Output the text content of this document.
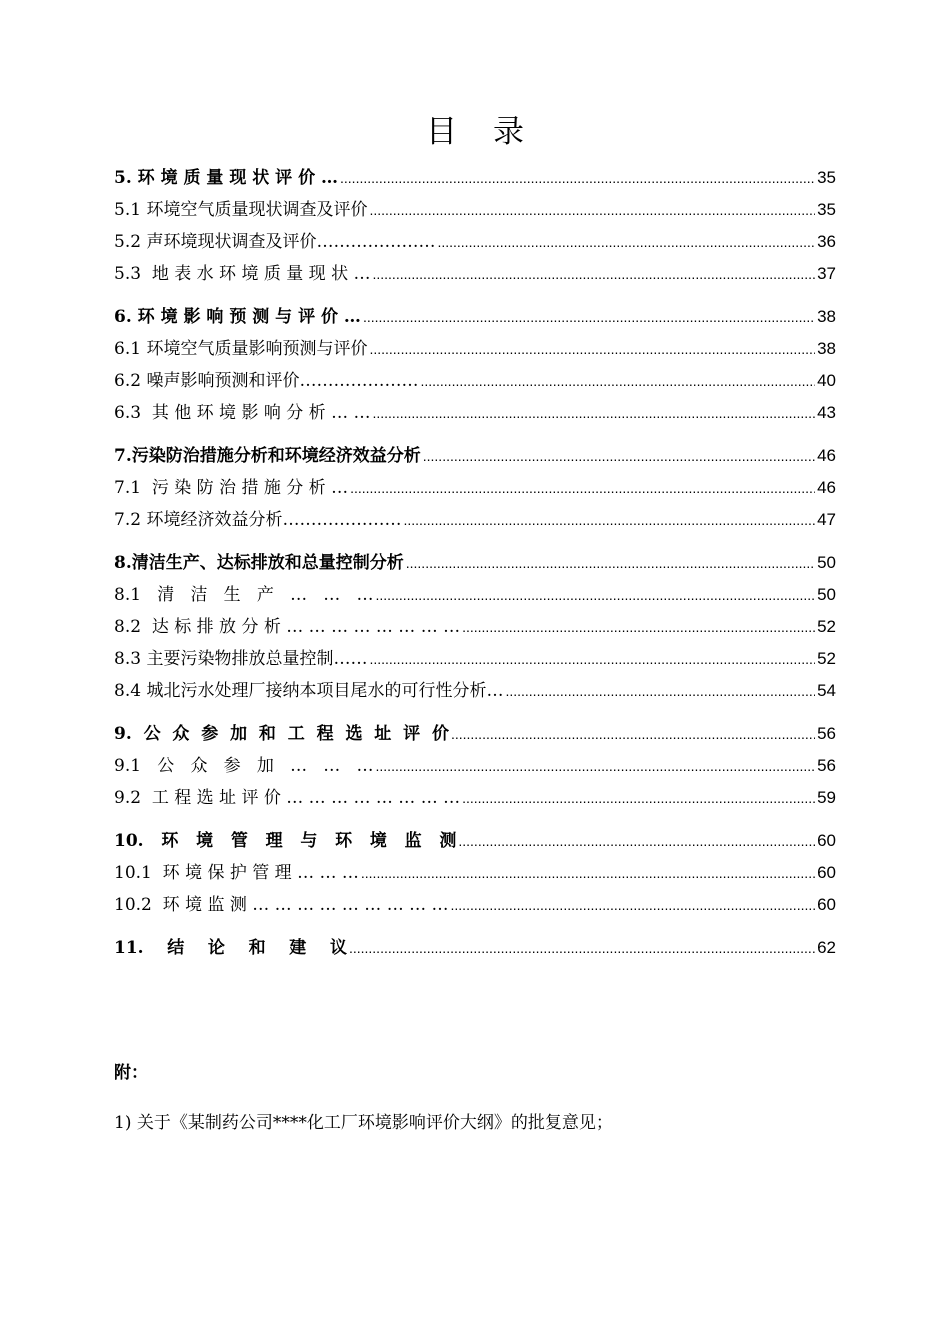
目录
5. 环 境 质 量 现 状 评 价 … .....	35
5.1 环境空气质量现状调查及评价 .....	35
5.2 声环境现状调查及评价………………… .....	36
5.3  地 表 水 环 境 质 量 现 状 … .....	37
6. 环 境 影 响 预 测 与 评 价 … .....	38
6.1 环境空气质量影响预测与评价 .....	38
6.2 噪声影响预测和评价………………… .....	40
6.3  其 他 环 境 影 响 分 析 … … .....	43
7.污染防治措施分析和环境经济效益分析 .....	46
7.1  污 染 防 治 措 施 分 析 … .....	46
7.2 环境经济效益分析………………… .....	47
8.清洁生产、达标排放和总量控制分析 .....	50
8.1   清   洁   生   产   …   …   … .....	50
8.2  达 标 排 放 分 析 … … … … … … … … .....	52
8.3 主要污染物排放总量控制…… .....	52
8.4 城北污水处理厂接纳本项目尾水的可行性分析… .....	54
9.  公  众  参  加  和  工  程  选  址  评  价 .....	56
9.1   公   众   参   加   …   …   … .....	56
9.2  工 程 选 址 评 价 … … … … … … … … .....	59
10.   环   境   管   理   与   环   境   监   测 .....	60
10.1  环 境 保 护 管 理 … … … .....	60
10.2  环 境 监 测 … … … … … … … … … .....	60
11.    结    论    和    建    议 .....	62
附：
1) 关于《某制药公司****化工厂环境影响评价大纲》的批复意见；
